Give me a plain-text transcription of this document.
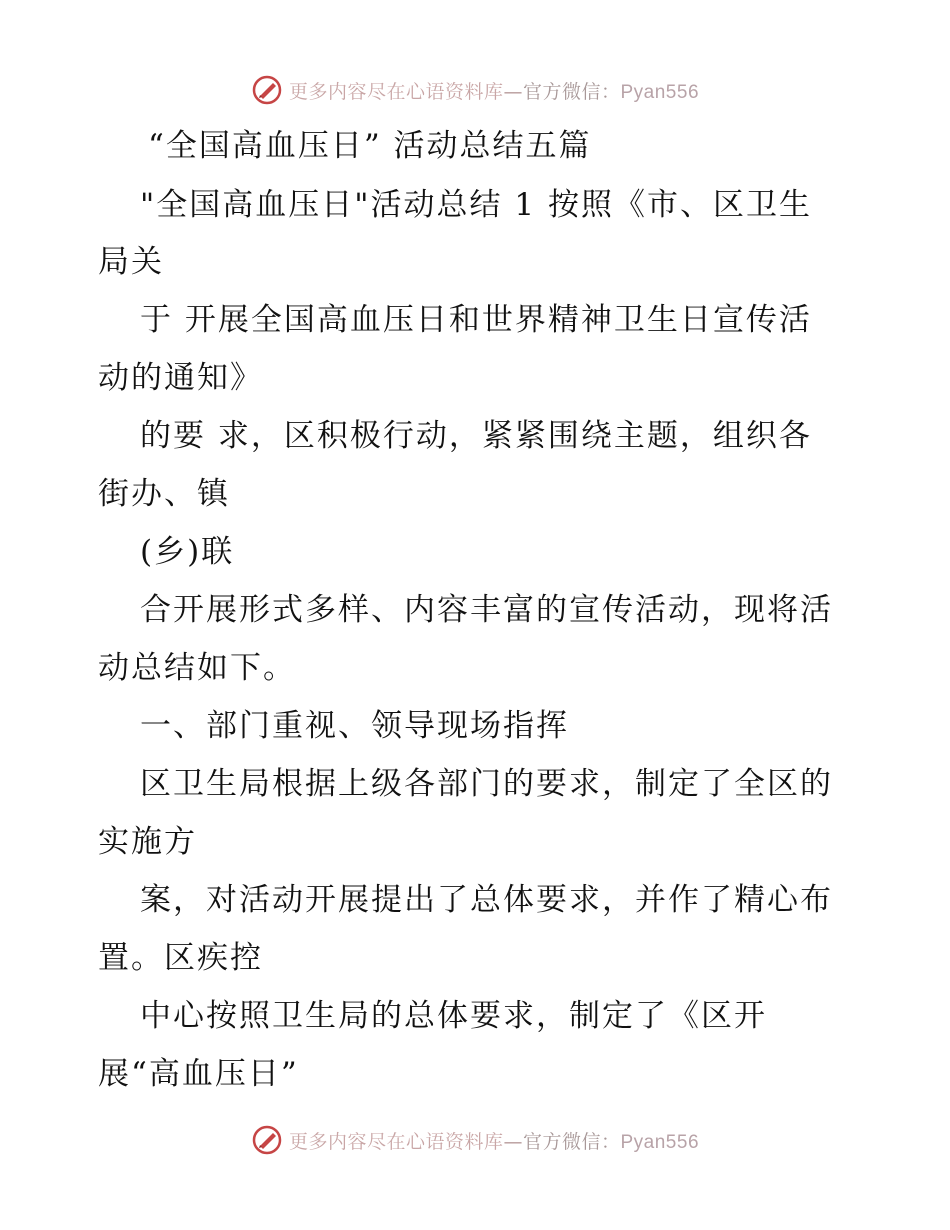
更多内容尽在心语资料库—官方微信：Pyan556
“全国高血压日” 活动总结五篇
"全国高血压日"活动总结 1 按照《市、区卫生
局关
于 开展全国高血压日和世界精神卫生日宣传活
动的通知》
的要 求，区积极行动，紧紧围绕主题，组织各
街办、镇
(乡)联
合开展形式多样、内容丰富的宣传活动，现将活
动总结如下。
一、部门重视、领导现场指挥
区卫生局根据上级各部门的要求，制定了全区的
实施方
案，对活动开展提出了总体要求，并作了精心布
置。区疾控
中心按照卫生局的总体要求，制定了《区开
展“高血压日”
更多内容尽在心语资料库—官方微信：Pyan556
